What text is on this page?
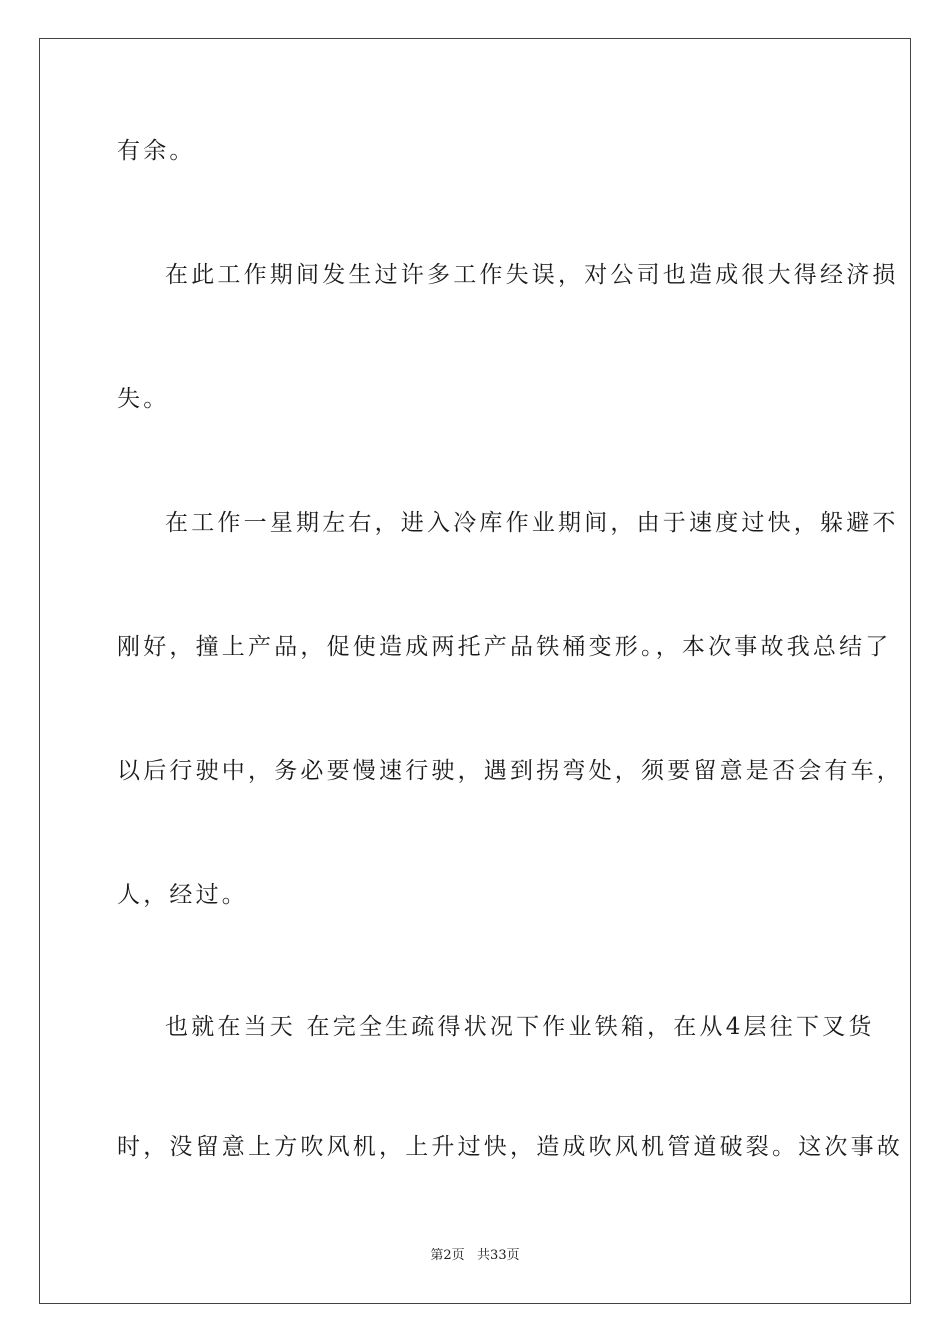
有余。

在此工作期间发生过许多工作失误，对公司也造成很大得经济损

失。

在工作一星期左右，进入冷库作业期间，由于速度过快，躲避不

刚好，撞上产品，促使造成两托产品铁桶变形。，本次事故我总结了

以后行驶中，务必要慢速行驶，遇到拐弯处，须要留意是否会有车，

人，经过。

也就在当天 在完全生疏得状况下作业铁箱，在从4层往下叉货

时，没留意上方吹风机，上升过快，造成吹风机管道破裂。这次事故

第2页   共33页
